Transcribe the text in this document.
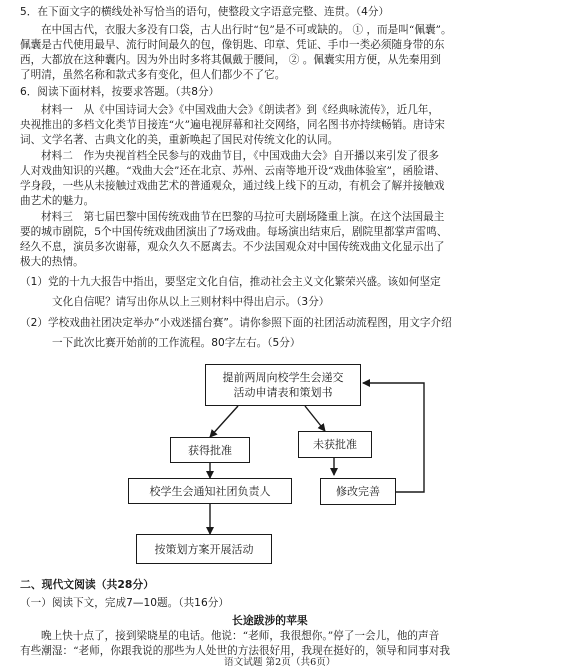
5．在下面文字的横线处补写恰当的语句，使整段文字语意完整、连贯。（4分）
在中国古代，衣服大多没有口袋，古人出行时“包”是不可或缺的。 ① ，而是叫“佩囊”。
佩囊是古代使用最早、流行时间最久的包，像钥匙、印章、凭证、手巾一类必须随身带的东
西，大都放在这种囊内。因为外出时多将其佩戴于腰间， ② 。佩囊实用方便，从先秦用到
了明清，虽然名称和款式多有变化，但人们都少不了它。
6．阅读下面材料，按要求答题。（共8分）
材料一　从《中国诗词大会》《中国戏曲大会》《朗读者》到《经典咏流传》，近几年，
央视推出的多档文化类节目接连“火”遍电视屏幕和社交网络，同名图书亦持续畅销。唐诗宋
词、文学名著、古典文化的美，重新唤起了国民对传统文化的认同。
材料二　作为央视首档全民参与的戏曲节目，《中国戏曲大会》自开播以来引发了很多
人对戏曲知识的兴趣。“戏曲大会”还在北京、苏州、云南等地开设“戏曲体验室”，函脸谱、
学身段，一些从未接触过戏曲艺术的普通观众，通过线上线下的互动，有机会了解并接触戏
曲艺术的魅力。
材料三　第七届巴黎中国传统戏曲节在巴黎的马拉可夫剧场隆重上演。在这个法国最主
要的城市剧院，5个中国传统戏曲团演出了7场戏曲。每场演出结束后，剧院里都掌声雷鸣、
经久不息，演员多次谢幕，观众久久不愿离去。不少法国观众对中国传统戏曲文化显示出了
极大的热情。
（1）党的十九大报告中指出，要坚定文化自信，推动社会主义文化繁荣兴盛。该如何坚定
文化自信呢？请写出你从以上三则材料中得出启示。（3分）
（2）学校戏曲社团决定举办“小戏迷擂台赛”。请你参照下面的社团活动流程图，用文字介绍
一下此次比赛开始前的工作流程。80字左右。（5分）
提前两周向校学生会递交
活动申请表和策划书
获得批准	未获批准
校学生会通知社团负责人	修改完善
按策划方案开展活动
二、现代文阅读（共28分）
（一）阅读下文，完成7—10题。（共16分）
长途跋涉的苹果
晚上快十点了，接到梁晓星的电话。他说：“老师，我很想你。”停了一会儿，他的声音
有些潮湿：“老师，你跟我说的那些为人处世的方法很好用，我现在挺好的，领导和同事对我
语文试题 第2页（共6页）
